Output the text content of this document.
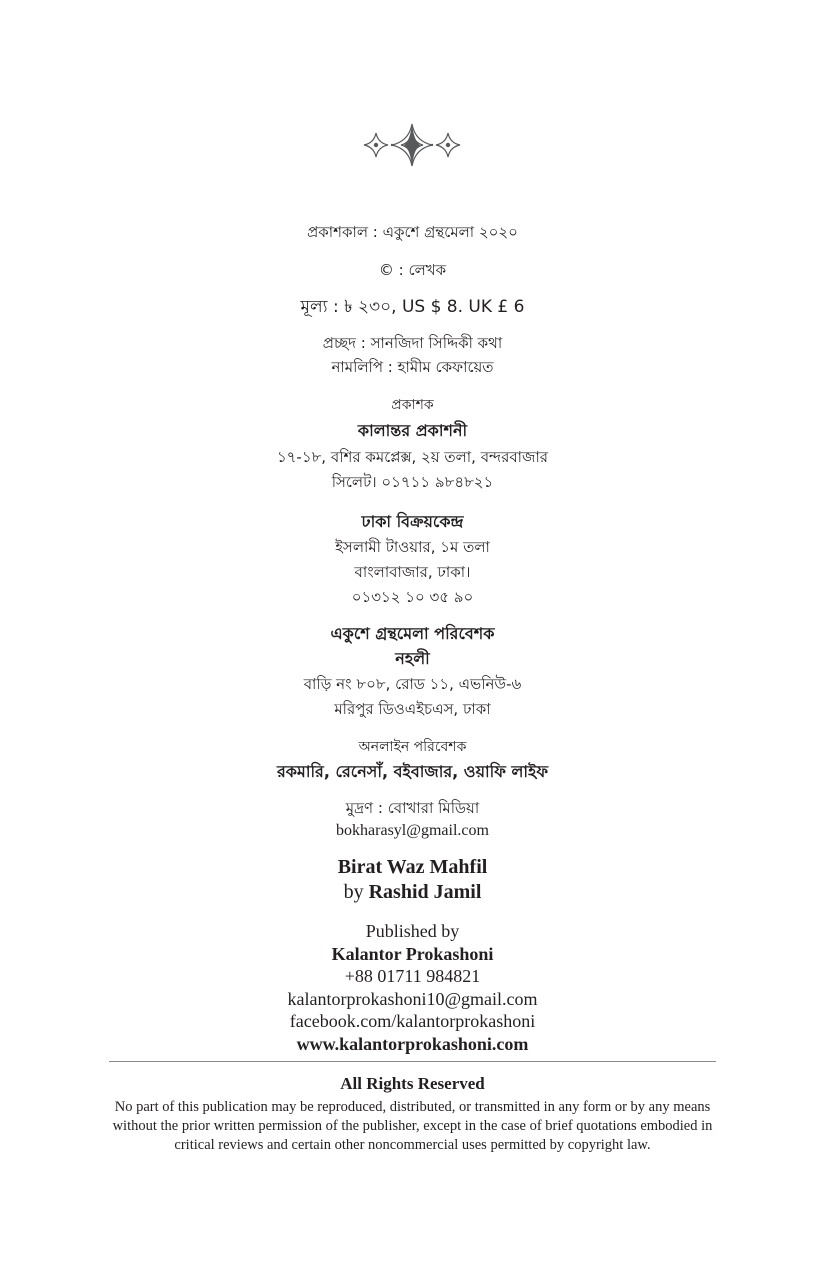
প্রকাশকাল : একুশে গ্রন্থমেলা ২০২০
© : লেখক
মূল্য : ৳ ২৩০, US $ 8. UK £ 6
প্রচ্ছদ : সানজিদা সিদ্দিকী কথা
নামলিপি : হামীম কেফায়েত
প্রকাশক
কালান্তর প্রকাশনী
১৭-১৮, বশির কমপ্লেক্স, ২য় তলা, বন্দরবাজার
সিলেট। ০১৭১১ ৯৮৪৮২১
ঢাকা বিক্রয়কেন্দ্র
ইসলামী টাওয়ার, ১ম তলা
বাংলাবাজার, ঢাকা।
০১৩১২ ১০ ৩৫ ৯০
একুশে গ্রন্থমেলা পরিবেশক
নহলী
বাড়ি নং ৮০৮, রোড ১১, এভনিউ-৬
মরিপুর ডিওএইচএস, ঢাকা
অনলাইন পরিবেশক
রকমারি, রেনেসাঁ, বইবাজার, ওয়াফি লাইফ
মুদ্রণ : বোখারা মিডিয়া
bokharasyl@gmail.com
Birat Waz Mahfil
by Rashid Jamil
Published by
Kalantor Prokashoni
+88 01711 984821
kalantorprokashoni10@gmail.com
facebook.com/kalantorprokashoni
www.kalantorprokashoni.com
All Rights Reserved
No part of this publication may be reproduced, distributed, or transmitted in any form or by any means without the prior written permission of the publisher, except in the case of brief quotations embodied in critical reviews and certain other noncommercial uses permitted by copyright law.
